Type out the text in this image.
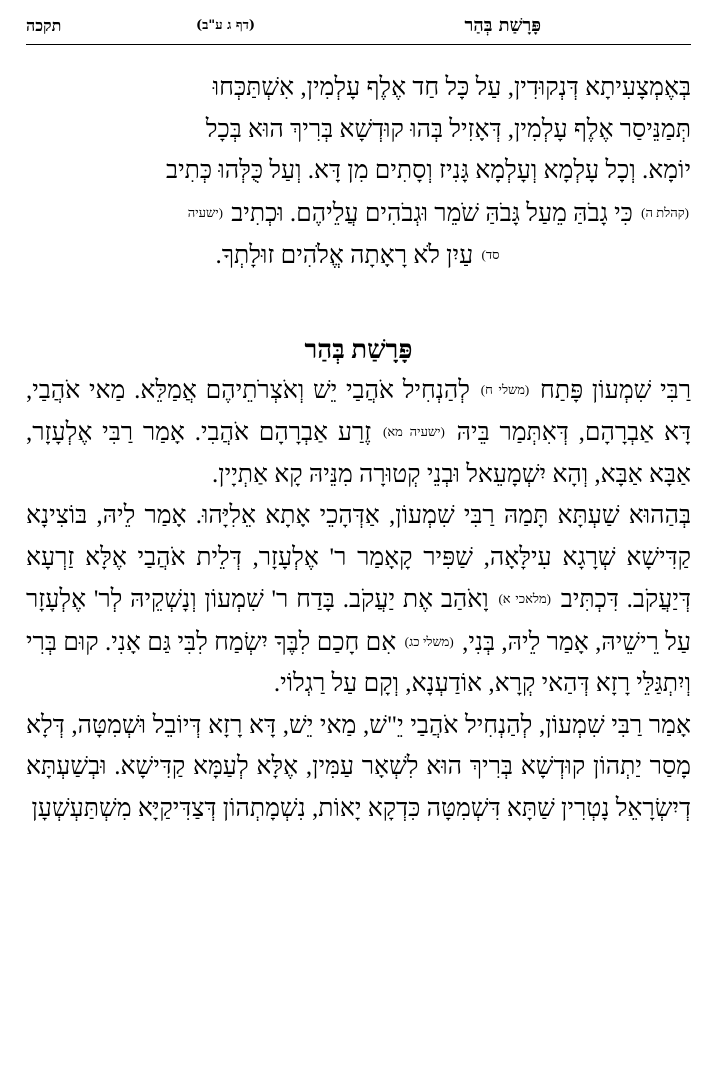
פָּרָשַׁת בְּהַר
(דף ג ע"ב)
תקכה
בְּאֶמְצָעִיתָא דְּנְקוּדִין, עַל כָּל חַד אֶלֶף עָלְמִין, אִשְׁתַּכְּחוּ
תְּמַנֵּיסַר אֶלֶף עָלְמִין, דְּאָזִיל בְּהוּ קוּדְשָׁא בְּרִיךְ הוּא בְּכָל
יוֹמָא. וְכָל עָלְמָא וְעָלְמָא גָּנִיז וְסָתִים מִן דָּא. וְעַל כֻּלְּהוּ כְּתִיב
(קהלת ה) כִּי גָבֹהַּ מֵעַל גָּבֹהַּ שֹׁמֵר וּגְבֹהִים עֲלֵיהֶם. וּכְתִיב (ישעיה
סד) עַיִן לֹא רָאָתָה אֱלֹהִים זוּלָתְךָ.
פָּרָשַׁת בְּהַר

רַבִּי שִׁמְעוֹן פָּתַח (משלי ח) לְהַנְחִיל אֹהֲבַי יֵשׁ וְאֹצְרֹתֵיהֶם אֲמַלֵּא. מַאי אֹהֲבַי, דָּא אַבְרָהָם, דְּאִתְּמַר בֵּיהּ (ישעיה מא) זֶרַע אַבְרָהָם אֹהֲבִי. אָמַר רַבִּי אֶלְעָזָר, אַבָּא אַבָּא, וְהָא יִשְׁמָעֵאל וּבְנֵי קְטוּרָה מִנֵּיהּ קָא אַתְיָין.

בְּהַהוּא שַׁעְתָּא תָּמַהּ רַבִּי שִׁמְעוֹן, אַדְּהָכֵי אָתָא אֵלִיָּהוּ. אָמַר לֵיהּ, בּוֹצִינָא קַדִּישָׁא שְׁרָגָא עִילָּאָה, שַׁפִּיר קָאָמַר ר' אֶלְעָזָר, דְּלֵית אֹהֲבַי אֶלָּא זַרְעָא דְּיַעֲקֹב. דִּכְתִּיב (מלאכי א) וָאֹהַב אֶת יַעֲקֹב. בָּדַח ר' שִׁמְעוֹן וְנָשְׁקֵיהּ לְר' אֶלְעָזָר עַל רֵישֵׁיהּ, אָמַר לֵיהּ, בְּנִי, (משלי כג) אִם חָכַם לִבֶּךָ יִשְׂמַח לִבִּי גַּם אָנִי. קוּם בְּרִי וְיִתְגַּלֵּי רָזָא דְּהַאי קְרָא, אוֹדַעְנָא, וְקָם עַל רַגְלוֹי.

אָמַר רַבִּי שִׁמְעוֹן, לְהַנְחִיל אֹהֲבַי יֵ"שׁ, מַאי יֵשׁ, דָּא רָזָא דְּיוֹבֵל וּשְׁמִטָּה, דְּלָא מָסַר יַתְהוֹן קוּדְשָׁא בְּרִיךְ הוּא לִשְׁאָר עַמִּין, אֶלָּא לְעַמָּא קַדִּישָׁא. וּבְשַׁעְתָּא דְיִשְׂרָאֵל נָטְרִין שַׁתָּא דִּשְׁמִטָּה כִּדְקָא יָאוֹת, נִשְׁמָתְהוֹן דְּצַדִּיקַיָּא מִשְׁתַּעְשְׁעָן
